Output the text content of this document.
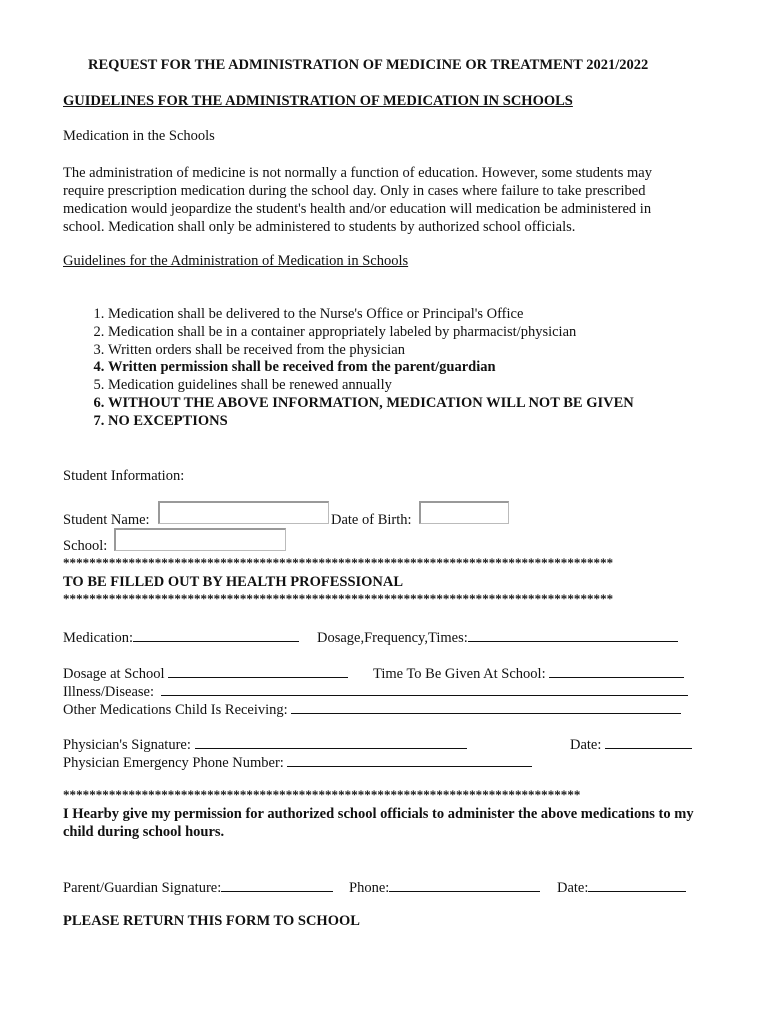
REQUEST FOR THE ADMINISTRATION OF MEDICINE OR TREATMENT 2021/2022
GUIDELINES FOR THE ADMINISTRATION OF MEDICATION IN SCHOOLS
Medication in the Schools
The administration of medicine is not normally a function of education. However, some students may require prescription medication during the school day. Only in cases where failure to take prescribed medication would jeopardize the student's health and/or education will medication be administered in school. Medication shall only be administered to students by authorized school officials.
Guidelines for the Administration of Medication in Schools
1. Medication shall be delivered to the Nurse's Office or Principal's Office
2. Medication shall be in a container appropriately labeled by pharmacist/physician
3. Written orders shall be received from the physician
4. Written permission shall be received from the parent/guardian
5. Medication guidelines shall be renewed annually
6. WITHOUT THE ABOVE INFORMATION, MEDICATION WILL NOT BE GIVEN
7. NO EXCEPTIONS
Student Information:
Student Name:	Date of Birth:
School:
************************************************************************************
TO BE FILLED OUT BY HEALTH PROFESSIONAL
************************************************************************************
Medication:	Dosage,Frequency,Times:
Dosage at School	Time To Be Given At School:
Illness/Disease:
Other Medications Child Is Receiving:
Physician's Signature:	Date:
Physician Emergency Phone Number:
*******************************************************************************
I Hearby give my permission for authorized school officials to administer the above medications to my child during school hours.
Parent/Guardian Signature:	Phone:	Date:
PLEASE RETURN THIS FORM TO SCHOOL
